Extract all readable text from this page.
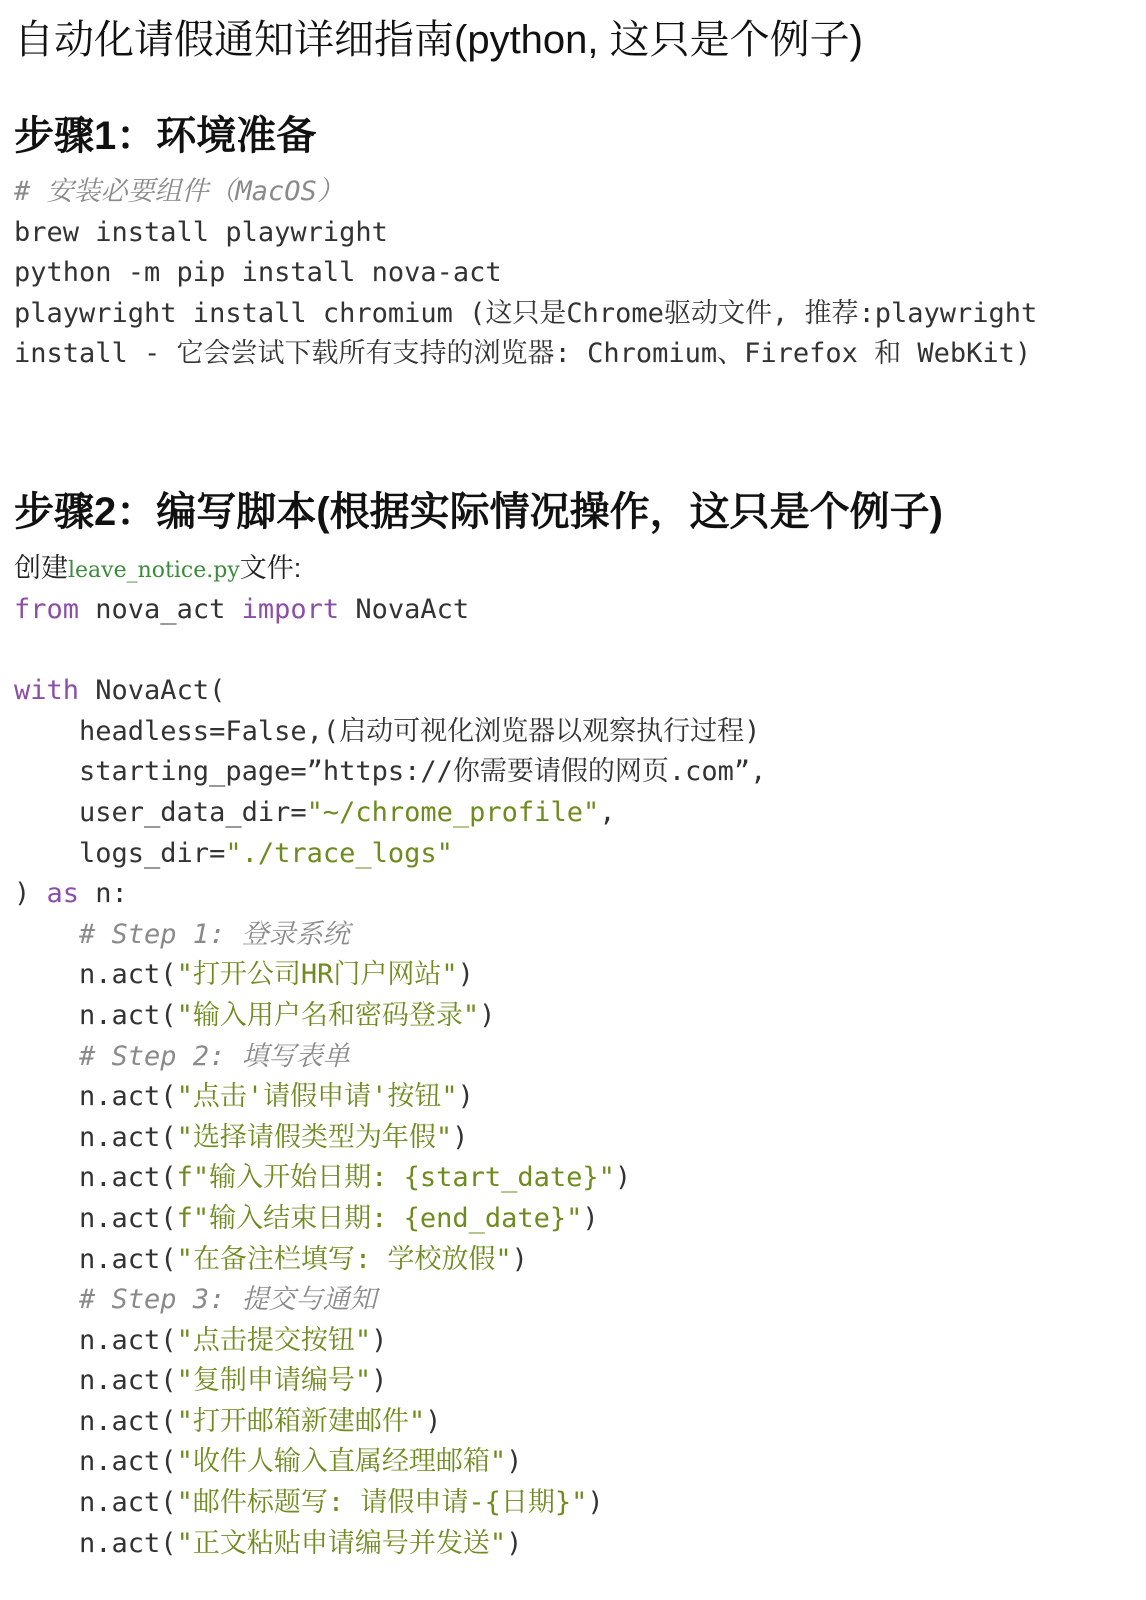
自动化请假通知详细指南(python, 这只是个例子)
步骤1：环境准备
# 安装必要组件（MacOS）
brew install playwright
python -m pip install nova-act
playwright install chromium (这只是Chrome驱动文件, 推荐:playwright
install - 它会尝试下载所有支持的浏览器: Chromium、Firefox 和 WebKit)
步骤2：编写脚本(根据实际情况操作，这只是个例子)
创建leave_notice.py文件:
from nova_act import NovaAct
with NovaAct(
headless=False,(启动可视化浏览器以观察执行过程)
starting_page=”https://你需要请假的网页.com”,
user_data_dir="~/chrome_profile",
logs_dir="./trace_logs"
) as n:
# Step 1: 登录系统
n.act("打开公司HR门户网站")
n.act("输入用户名和密码登录")
# Step 2: 填写表单
n.act("点击'请假申请'按钮")
n.act("选择请假类型为年假")
n.act(f"输入开始日期: {start_date}")
n.act(f"输入结束日期: {end_date}")
n.act("在备注栏填写: 学校放假")
# Step 3: 提交与通知
n.act("点击提交按钮")
n.act("复制申请编号")
n.act("打开邮箱新建邮件")
n.act("收件人输入直属经理邮箱")
n.act("邮件标题写: 请假申请-{日期}")
n.act("正文粘贴申请编号并发送")
